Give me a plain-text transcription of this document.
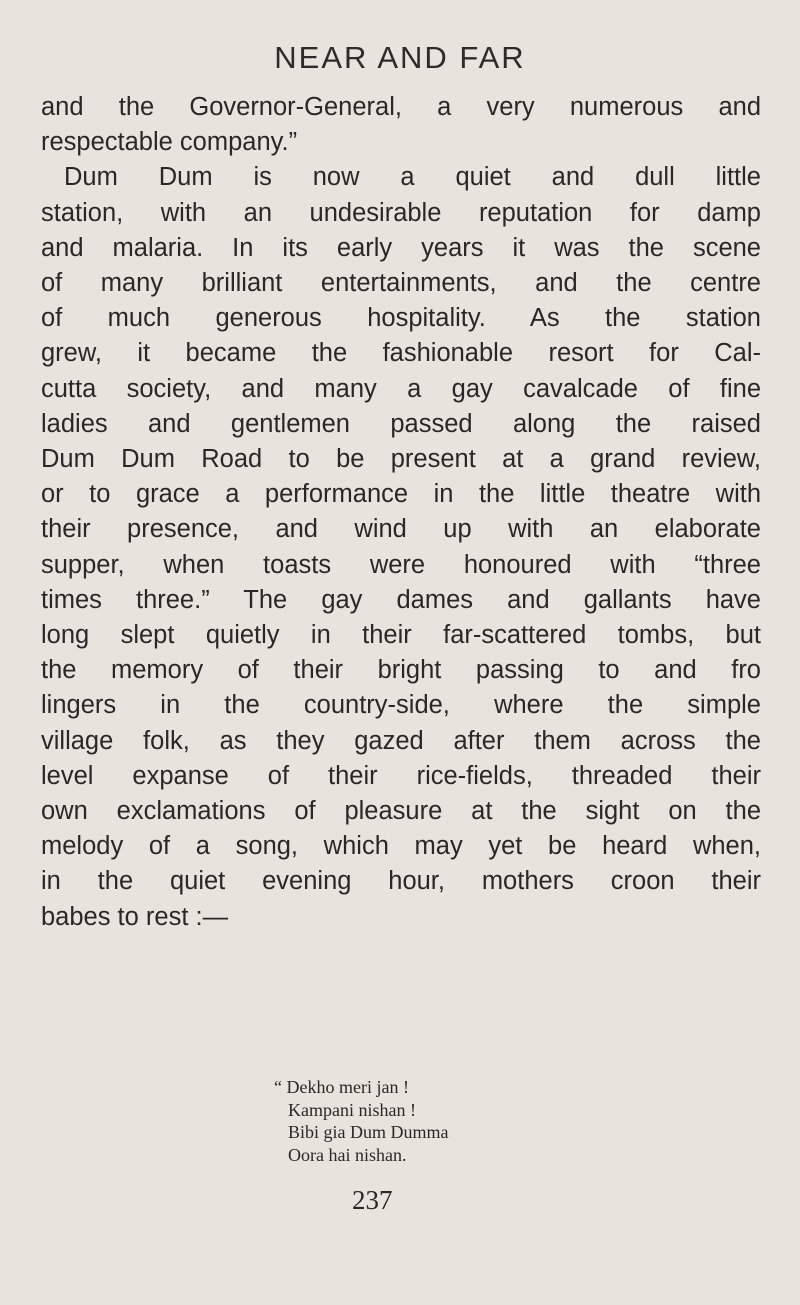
NEAR AND FAR
and the Governor-General, a very numerous and
respectable company.”
Dum Dum is now a quiet and dull little
station, with an undesirable reputation for damp
and malaria. In its early years it was the scene
of many brilliant entertainments, and the centre
of much generous hospitality. As the station
grew, it became the fashionable resort for Cal-
cutta society, and many a gay cavalcade of fine
ladies and gentlemen passed along the raised
Dum Dum Road to be present at a grand review,
or to grace a performance in the little theatre with
their presence, and wind up with an elaborate
supper, when toasts were honoured with “three
times three.” The gay dames and gallants have
long slept quietly in their far-scattered tombs, but
the memory of their bright passing to and fro
lingers in the country-side, where the simple
village folk, as they gazed after them across the
level expanse of their rice-fields, threaded their
own exclamations of pleasure at the sight on the
melody of a song, which may yet be heard when,
in the quiet evening hour, mothers croon their
babes to rest :—
“ Dekho meri jan !
Kampani nishan !
Bibi gia Dum Dumma
Oora hai nishan.
237
